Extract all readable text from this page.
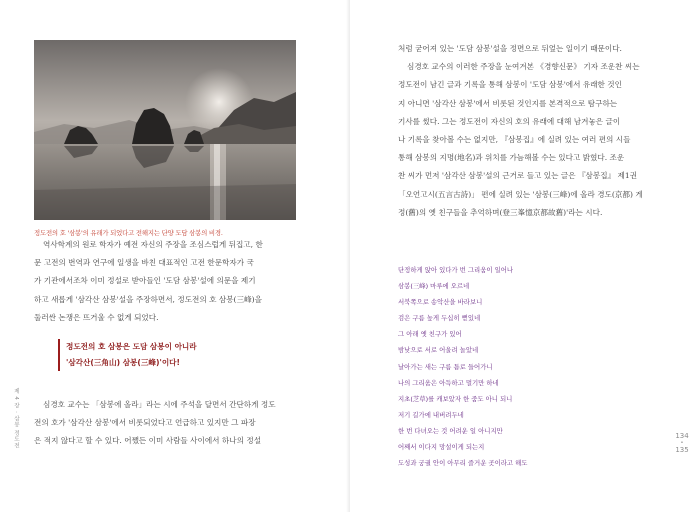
정도전의 호 '삼봉'의 유래가 되었다고 전해지는 단양 도담 삼봉의 비경.

역사학계의 원로 학자가 예전 자신의 주장을 조심스럽게 뒤집고, 한

문 고전의 번역과 연구에 일생을 바친 대표적인 고전 한문학자가 국

가 기관에서조차 이미 정설로 받아들인 '도담 삼봉'설에 의문을 제기

하고 새롭게 '삼각산 삼봉'설을 주장하면서, 정도전의 호 삼봉(三峰)을

둘러싼 논쟁은 뜨거울 수 없게 되었다.

정도전의 호 삼봉은 도담 삼봉이 아니라
'삼각산(三角山) 삼봉(三峰)'이다!

심경호 교수는 「삼봉에 올라」라는 시에 주석을 달면서 간단하게 정도

전의 호가 '삼각산 삼봉'에서 비롯되었다고 언급하고 있지만 그 파장

은 적지 않다고 할 수 있다. 어쨌든 이미 사람들 사이에서 하나의 정설

제 4 장 · 삼봉 정도전

처럼 굳어져 있는 '도담 삼봉'설을 정면으로 뒤엎는 일이기 때문이다.

심경호 교수의 이러한 주장을 눈여겨본 《경향신문》 기자 조운찬 씨는

정도전이 남긴 글과 기록을 통해 삼봉이 '도담 삼봉'에서 유래한 것인

지 아니면 '삼각산 삼봉'에서 비롯된 것인지를 본격적으로 탐구하는

기사를 썼다. 그는 정도전이 자신의 호의 유래에 대해 남겨놓은 글이

나 기록을 찾아볼 수는 없지만, 『삼봉집』에 실려 있는 여러 편의 시들

통해 삼봉의 지명(地名)과 위치를 가늠해볼 수는 있다고 밝혔다. 조운

찬 씨가 먼저 '삼각산 삼봉'설의 근거로 들고 있는 글은 『삼봉집』 제1권

「오언고시(五言古詩)」 편에 실려 있는 '삼봉(三峰)에 올라 경도(京都) 게

정(舊)의 옛 친구들을 추억하며(登三峯憶京都故舊)'라는 시다.

단정하게 앉아 있다가 번 그리움이 일어나
삼봉(三峰) 마루에 오르네
서북쪽으로 송악산을 바라보니
검은 구름 높게 두십히 뻗있네
그 아래 옛 친구가 있어
밤낮으로 서로 어울려 놀았네
날아가는 새는 구름 틈로 들어가니
나의 그리움은 아득하고 멀기만 하네
지초(芝草)를 캐보았자 한 줌도 아니 되니
저기 길가에 내버려두네
한 번 다녀오는 것 어려운 일 아니지만
어째서 이다지 망설이게 되는지
도성과 궁궐 안이 아무리 즐거운 곳이라고 해도
134
•
135
